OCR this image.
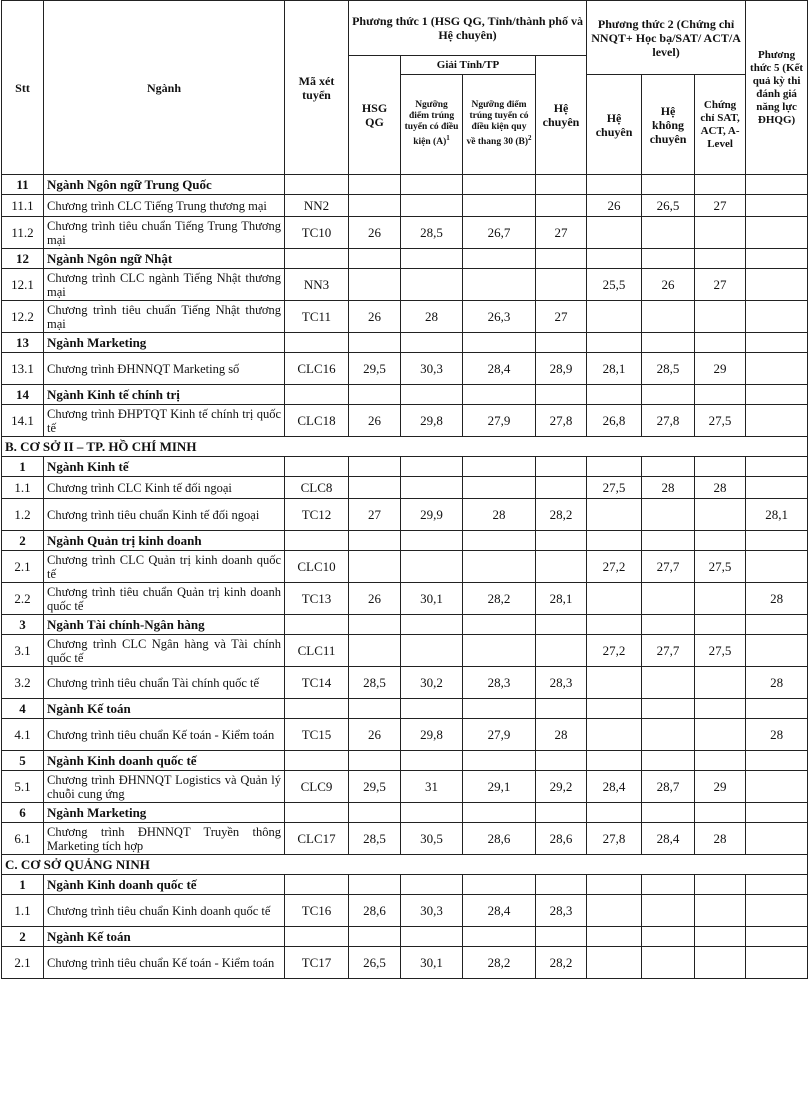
Stt	Ngành	Mã xét tuyển	Phương thức 1 (HSG QG, Tỉnh/thành phố và Hệ chuyên)				Phương thức 2 (Chứng chỉ NNQT+ Học bạ/SAT/ ACT/A level)			Phương thức 5 (Kết quả kỳ thi đánh giá năng lực ĐHQG)
			HSG QG	Giải Tỉnh/TP		Hệ chuyên				
				Ngưỡng điểm trúng tuyển có điều kiện $(A)^1$	Ngưỡng điểm trúng tuyển có điều kiện quy về thang 30 $(B)^2$		Hệ chuyên	Hệ không chuyên	Chứng chỉ SAT, ACT, A-Level	
11	Ngành Ngôn ngữ Trung Quốc									
11.1	Chương trình CLC Tiếng Trung thương mại	NN2					26	26,5	27	
11.2	Chương trình tiêu chuẩn Tiếng Trung Thương mại	TC10	26	28,5	26,7	27				
12	Ngành Ngôn ngữ Nhật									
12.1	Chương trình CLC ngành Tiếng Nhật thương mại	NN3					25,5	26	27	
12.2	Chương trình tiêu chuẩn Tiếng Nhật thương mại	TC11	26	28	26,3	27				
13	Ngành Marketing									
13.1	Chương trình ĐHNNQT Marketing số	CLC16	29,5	30,3	28,4	28,9	28,1	28,5	29	
14	Ngành Kinh tế chính trị									
14.1	Chương trình ĐHPTQT Kinh tế chính trị quốc tế	CLC18	26	29,8	27,9	27,8	26,8	27,8	27,5	
B. CƠ SỞ II – TP. HỒ CHÍ MINH										
1	Ngành Kinh tế									
1.1	Chương trình CLC Kinh tế đối ngoại	CLC8					27,5	28	28	
1.2	Chương trình tiêu chuẩn Kinh tế đối ngoại	TC12	27	29,9	28	28,2				28,1
2	Ngành Quản trị kinh doanh									
2.1	Chương trình CLC Quản trị kinh doanh quốc tế	CLC10					27,2	27,7	27,5	
2.2	Chương trình tiêu chuẩn Quản trị kinh doanh quốc tế	TC13	26	30,1	28,2	28,1				28
3	Ngành Tài chính-Ngân hàng									
3.1	Chương trình CLC Ngân hàng và Tài chính quốc tế	CLC11					27,2	27,7	27,5	
3.2	Chương trình tiêu chuẩn Tài chính quốc tế	TC14	28,5	30,2	28,3	28,3				28
4	Ngành Kế toán									
4.1	Chương trình tiêu chuẩn Kế toán - Kiểm toán	TC15	26	29,8	27,9	28				28
5	Ngành Kinh doanh quốc tế									
5.1	Chương trình ĐHNNQT Logistics và Quản lý chuỗi cung ứng	CLC9	29,5	31	29,1	29,2	28,4	28,7	29	
6	Ngành Marketing									
6.1	Chương trình ĐHNNQT Truyền thông Marketing tích hợp	CLC17	28,5	30,5	28,6	28,6	27,8	28,4	28	
C. CƠ SỞ QUẢNG NINH										
1	Ngành Kinh doanh quốc tế									
1.1	Chương trình tiêu chuẩn Kinh doanh quốc tế	TC16	28,6	30,3	28,4	28,3				
2	Ngành Kế toán									
2.1	Chương trình tiêu chuẩn Kế toán - Kiểm toán	TC17	26,5	30,1	28,2	28,2				
